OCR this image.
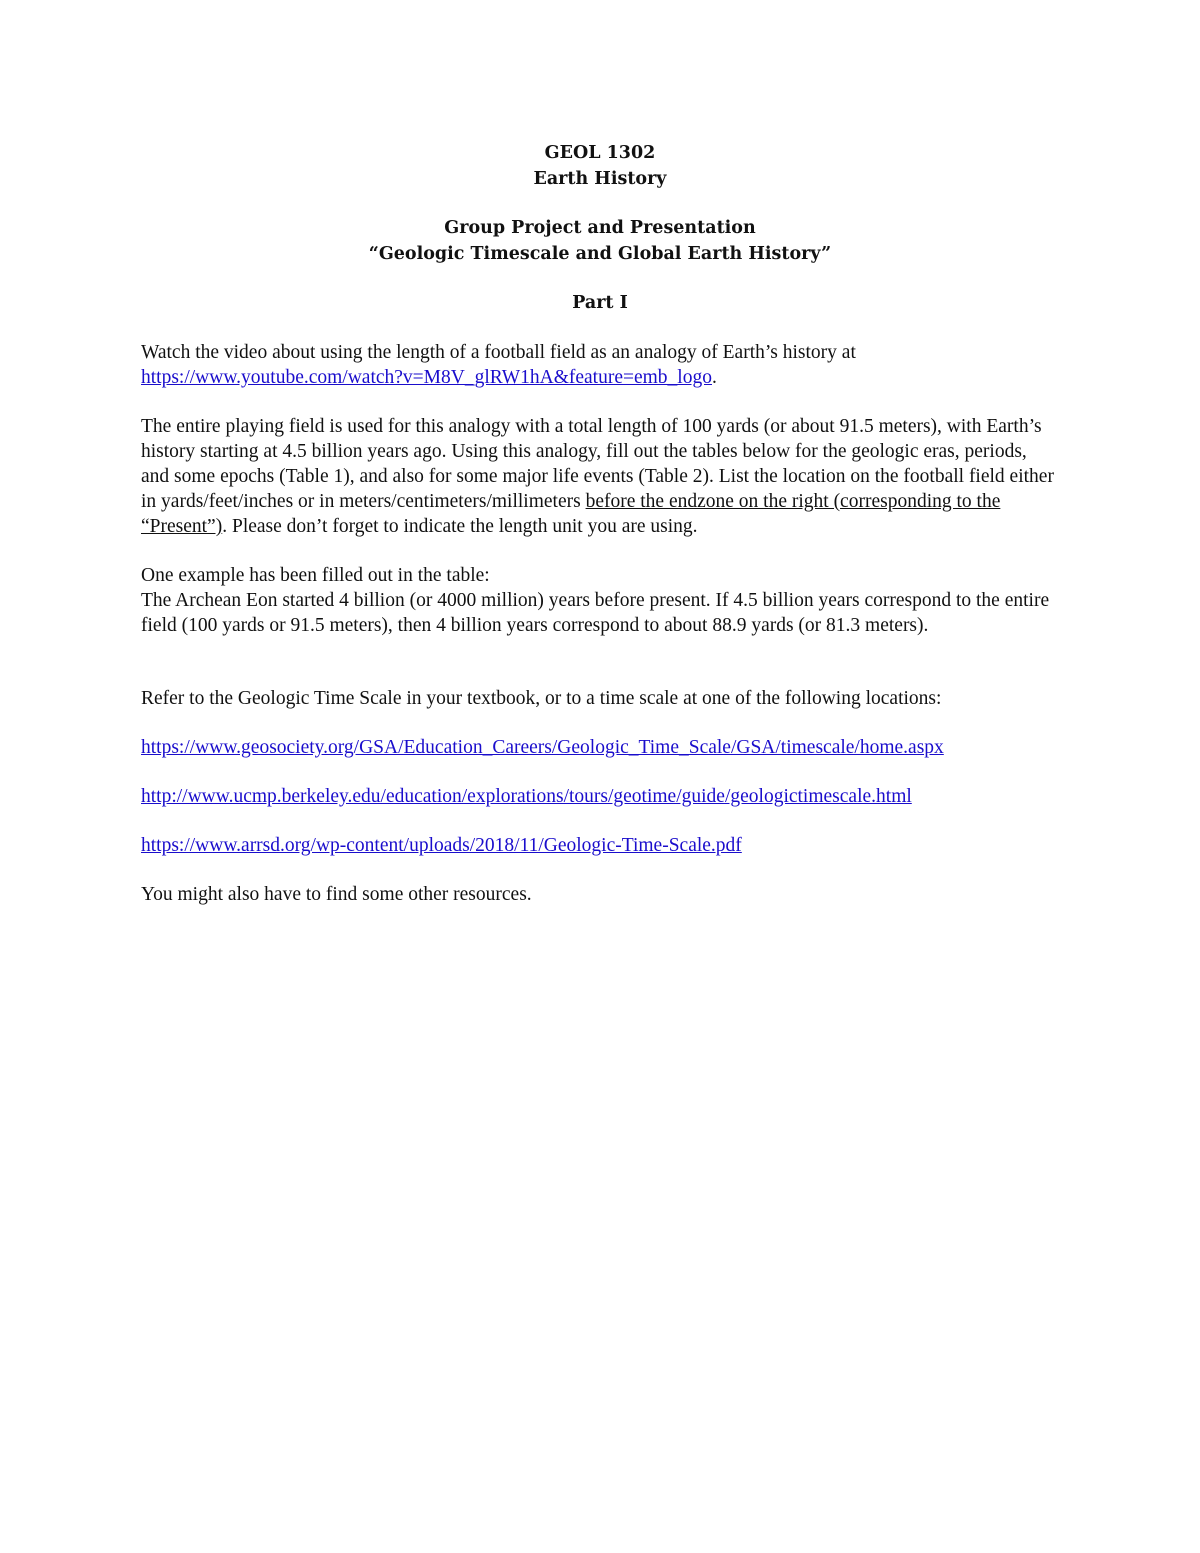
GEOL 1302
Earth History
Group Project and Presentation
“Geologic Timescale and Global Earth History”
Part I

Watch the video about using the length of a football field as an analogy of Earth’s history at
https://www.youtube.com/watch?v=M8V_glRW1hA&feature=emb_logo.

The entire playing field is used for this analogy with a total length of 100 yards (or about 91.5 meters), with Earth’s history starting at 4.5 billion years ago. Using this analogy, fill out the tables below for the geologic eras, periods, and some epochs (Table 1), and also for some major life events (Table 2). List the location on the football field either in yards/feet/inches or in meters/centimeters/millimeters before the endzone on the right (corresponding to the “Present”). Please don’t forget to indicate the length unit you are using.

One example has been filled out in the table:
The Archean Eon started 4 billion (or 4000 million) years before present. If 4.5 billion years correspond to the entire field (100 yards or 91.5 meters), then 4 billion years correspond to about 88.9 yards (or 81.3 meters).

Refer to the Geologic Time Scale in your textbook, or to a time scale at one of the following locations:

https://www.geosociety.org/GSA/Education_Careers/Geologic_Time_Scale/GSA/timescale/home.aspx

http://www.ucmp.berkeley.edu/education/explorations/tours/geotime/guide/geologictimescale.html

https://www.arrsd.org/wp-content/uploads/2018/11/Geologic-Time-Scale.pdf

You might also have to find some other resources.
